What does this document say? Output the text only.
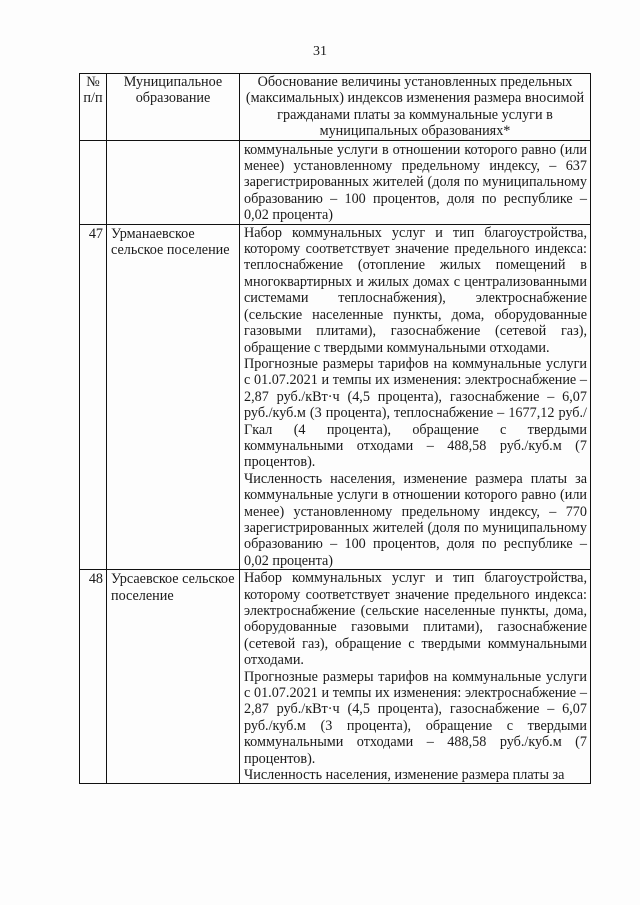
31
№ п/п	Муниципальное образование	Обоснование величины установленных предельных (максимальных) индексов изменения размера вносимой гражданами платы за коммунальные услуги в муниципальных образованиях*

		коммунальные услуги в отношении которого равно (или менее) установленному предельному индексу, – 637 зарегистрированных жителей (доля по муниципальному образованию – 100 процентов, доля по республике – 0,02 процента)

47	Урманаевское сельское поселение	Набор коммунальных услуг и тип благоустройства, которому соответствует значение предельного индекса: теплоснабжение (отопление жилых помещений в многоквартирных и жилых домах с централизованными системами теплоснабжения), электроснабжение (сельские населенные пункты, дома, оборудованные газовыми плитами), газоснабжение (сетевой газ), обращение с твердыми коммунальными отходами.

Прогнозные размеры тарифов на коммунальные услуги с 01.07.2021 и темпы их изменения: электроснабжение – 2,87 руб./кВт·ч (4,5 процента), газоснабжение – 6,07 руб./куб.м (3 процента), теплоснабжение – 1677,12 руб./Гкал (4 процента), обращение с твердыми коммунальными отходами – 488,58 руб./куб.м (7 процентов).

Численность населения, изменение размера платы за коммунальные услуги в отношении которого равно (или менее) установленному предельному индексу, – 770 зарегистрированных жителей (доля по муниципальному образованию – 100 процентов, доля по республике – 0,02 процента)

48	Урсаевское сельское поселение	Набор коммунальных услуг и тип благоустройства, которому соответствует значение предельного индекса: электроснабжение (сельские населенные пункты, дома, оборудованные газовыми плитами), газоснабжение (сетевой газ), обращение с твердыми коммунальными отходами.

Прогнозные размеры тарифов на коммунальные услуги с 01.07.2021 и темпы их изменения: электроснабжение – 2,87 руб./кВт·ч (4,5 процента), газоснабжение – 6,07 руб./куб.м (3 процента), обращение с твердыми коммунальными отходами – 488,58 руб./куб.м (7 процентов).

Численность населения, изменение размера платы за
